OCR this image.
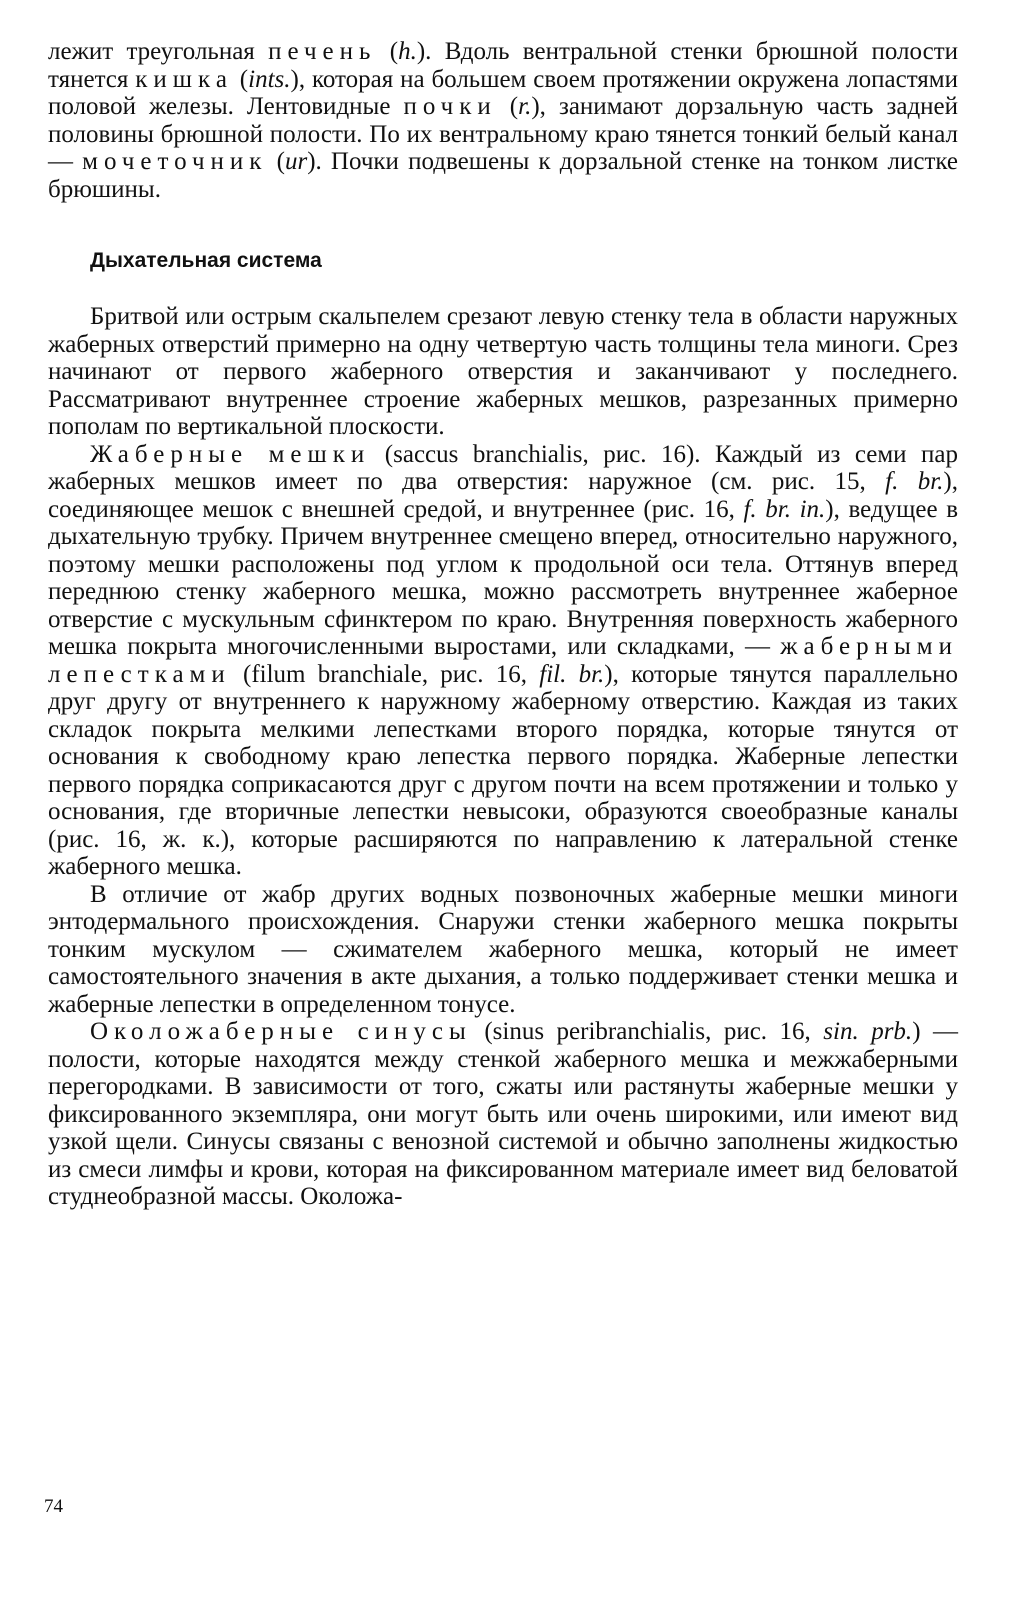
лежит треугольная печень (h.). Вдоль вентральной стенки брюшной полости тянется кишка (ints.), которая на большем своем протяжении окружена лопастями половой железы. Лентовидные почки (r.), занимают дорзальную часть задней половины брюшной полости. По их вентральному краю тянется тонкий белый канал — мочеточник (ur). Почки подвешены к дорзальной стенке на тонком листке брюшины.

Дыхательная система

Бритвой или острым скальпелем срезают левую стенку тела в области наружных жаберных отверстий примерно на одну четвертую часть толщины тела миноги. Срез начинают от первого жаберного отверстия и заканчивают у последнего. Рассматривают внутреннее строение жаберных мешков, разрезанных примерно пополам по вертикальной плоскости.

Жаберные мешки (saccus branchialis, рис. 16). Каждый из семи пар жаберных мешков имеет по два отверстия: наружное (см. рис. 15, f. br.), соединяющее мешок с внешней средой, и внутреннее (рис. 16, f. br. in.), ведущее в дыхательную трубку. Причем внутреннее смещено вперед, относительно наружного, поэтому мешки расположены под углом к продольной оси тела. Оттянув вперед переднюю стенку жаберного мешка, можно рассмотреть внутреннее жаберное отверстие с мускульным сфинктером по краю. Внутренняя поверхность жаберного мешка покрыта многочисленными выростами, или складками, — жаберными лепестками (filum branchiale, рис. 16, fil. br.), которые тянутся параллельно друг другу от внутреннего к наружному жаберному отверстию. Каждая из таких складок покрыта мелкими лепестками второго порядка, которые тянутся от основания к свободному краю лепестка первого порядка. Жаберные лепестки первого порядка соприкасаются друг с другом почти на всем протяжении и только у основания, где вторичные лепестки невысоки, образуются своеобразные каналы (рис. 16, ж. к.), которые расширяются по направлению к латеральной стенке жаберного мешка.

В отличие от жабр других водных позвоночных жаберные мешки миноги энтодермального происхождения. Снаружи стенки жаберного мешка покрыты тонким мускулом — сжимателем жаберного мешка, который не имеет самостоятельного значения в акте дыхания, а только поддерживает стенки мешка и жаберные лепестки в определенном тонусе.

Околожаберные синусы (sinus peribranchialis, рис. 16, sin. prb.) — полости, которые находятся между стенкой жаберного мешка и межжаберными перегородками. В зависимости от того, сжаты или растянуты жаберные мешки у фиксированного экземпляра, они могут быть или очень широкими, или имеют вид узкой щели. Синусы связаны с венозной системой и обычно заполнены жидкостью из смеси лимфы и крови, которая на фиксированном материале имеет вид беловатой студнеобразной массы. Околожа-

74
